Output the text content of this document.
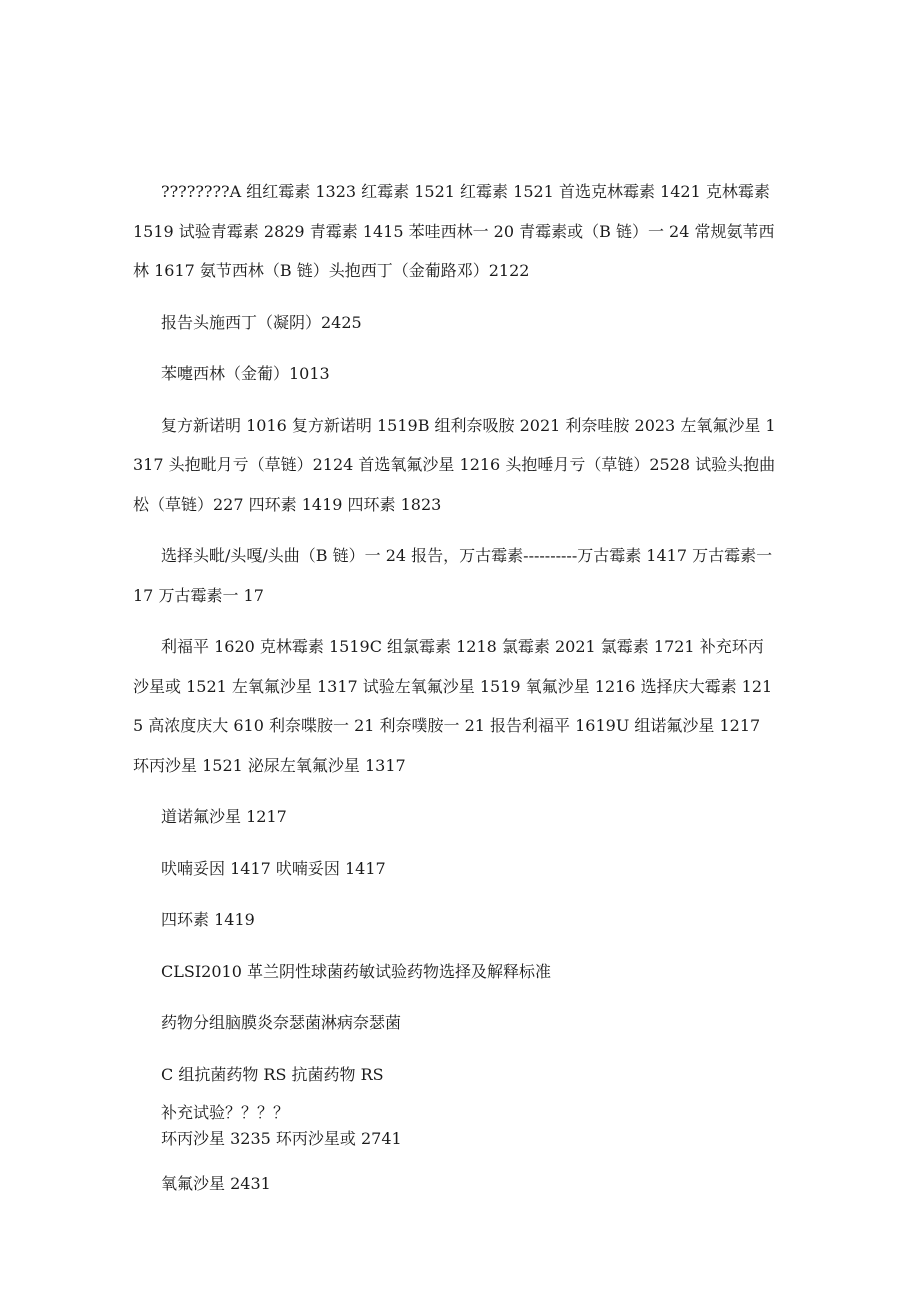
????????A 组红霉素 1323 红霉素 1521 红霉素 1521 首选克林霉素 1421 克林霉素 1519 试验青霉素 2829 青霉素 1415 苯哇西林一 20 青霉素或（B 链）一 24 常规氨苇西林 1617 氨节西林（B 链）头抱西丁（金葡路邓）2122

报告头施西丁（凝阴）2425

苯嚏西林（金葡）1013

复方新诺明 1016 复方新诺明 1519B 组利奈吸胺 2021 利奈哇胺 2023 左氧氟沙星 1317 头抱毗月亏（草链）2124 首选氧氟沙星 1216 头抱唾月亏（草链）2528 试验头抱曲松（草链）227 四环素 1419 四环素 1823

选择头毗/头嘎/头曲（B 链）一 24 报告，万古霉素----------万古霉素 1417 万古霉素一 17 万古霉素一 17

利福平 1620 克林霉素 1519C 组氯霉素 1218 氯霉素 2021 氯霉素 1721 补充环丙沙星或 1521 左氧氟沙星 1317 试验左氧氟沙星 1519 氧氟沙星 1216 选择庆大霉素 1215 高浓度庆大 610 利奈喋胺一 21 利奈噗胺一 21 报告利福平 1619U 组诺氟沙星 1217 环丙沙星 1521 泌尿左氧氟沙星 1317

道诺氟沙星 1217

吠喃妥因 1417 吠喃妥因 1417

四环素 1419

CLSI2010 革兰阴性球菌药敏试验药物选择及解释标准

药物分组脑膜炎奈瑟菌淋病奈瑟菌

C 组抗菌药物 RS 抗菌药物 RS

补充试验？？？？
环丙沙星 3235 环丙沙星或 2741

氧氟沙星 2431
